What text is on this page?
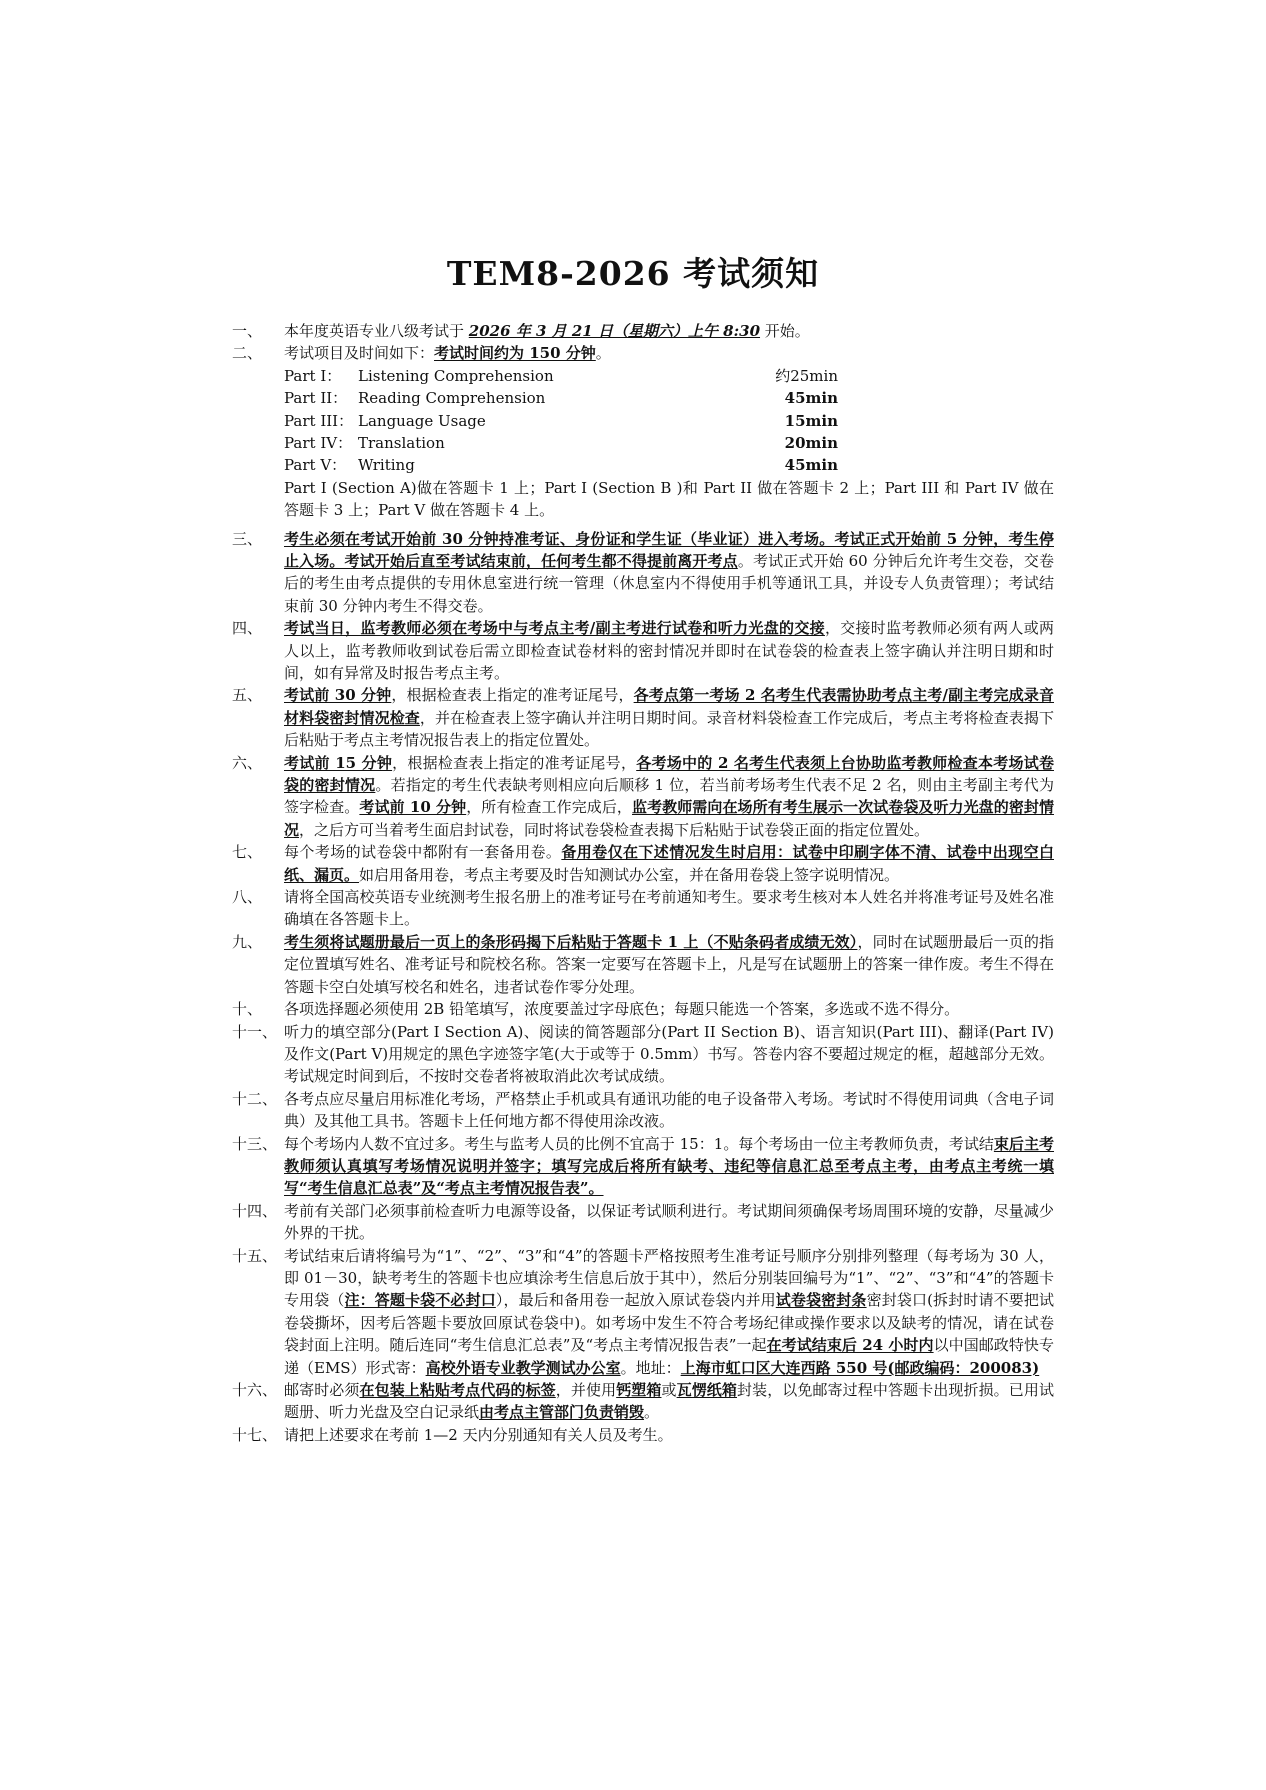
TEM8-2026 考试须知
一、	本年度英语专业八级考试于 2026 年 3 月 21 日（星期六）上午 8:30 开始。
二、	考试项目及时间如下：考试时间约为 150 分钟。
Part I：	Listening Comprehension	约25min
Part II： Reading Comprehension	45min
Part III： Language Usage	15min
Part IV： Translation	20min
Part V： Writing	45min
Part I (Section A)做在答题卡 1 上；Part I (Section B )和 Part II 做在答题卡 2 上；Part III 和 Part IV 做在答题卡 3 上；Part V 做在答题卡 4 上。
三、	考生必须在考试开始前 30 分钟持准考证、身份证和学生证（毕业证）进入考场。考试正式开始前 5 分钟，考生停止入场。考试开始后直至考试结束前，任何考生都不得提前离开考点。考试正式开始 60 分钟后允许考生交卷，交卷后的考生由考点提供的专用休息室进行统一管理（休息室内不得使用手机等通讯工具，并设专人负责管理）；考试结束前 30 分钟内考生不得交卷。
四、	考试当日，监考教师必须在考场中与考点主考/副主考进行试卷和听力光盘的交接，交接时监考教师必须有两人或两人以上，监考教师收到试卷后需立即检查试卷材料的密封情况并即时在试卷袋的检查表上签字确认并注明日期和时间，如有异常及时报告考点主考。
五、	考试前 30 分钟，根据检查表上指定的准考证尾号，各考点第一考场 2 名考生代表需协助考点主考/副主考完成录音材料袋密封情况检查，并在检查表上签字确认并注明日期时间。录音材料袋检查工作完成后，考点主考将检查表揭下后粘贴于考点主考情况报告表上的指定位置处。
六、	考试前 15 分钟，根据检查表上指定的准考证尾号，各考场中的 2 名考生代表须上台协助监考教师检查本考场试卷袋的密封情况。若指定的考生代表缺考则相应向后顺移 1 位，若当前考场考生代表不足 2 名，则由主考副主考代为签字检查。考试前 10 分钟，所有检查工作完成后，监考教师需向在场所有考生展示一次试卷袋及听力光盘的密封情况，之后方可当着考生面启封试卷，同时将试卷袋检查表揭下后粘贴于试卷袋正面的指定位置处。
七、	每个考场的试卷袋中都附有一套备用卷。备用卷仅在下述情况发生时启用：试卷中印刷字体不清、试卷中出现空白纸、漏页。如启用备用卷，考点主考要及时告知测试办公室，并在备用卷袋上签字说明情况。
八、	请将全国高校英语专业统测考生报名册上的准考证号在考前通知考生。要求考生核对本人姓名并将准考证号及姓名准确填在各答题卡上。
九、	考生须将试题册最后一页上的条形码揭下后粘贴于答题卡 1 上（不贴条码者成绩无效），同时在试题册最后一页的指定位置填写姓名、准考证号和院校名称。答案一定要写在答题卡上，凡是写在试题册上的答案一律作废。考生不得在答题卡空白处填写校名和姓名，违者试卷作零分处理。
十、	各项选择题必须使用 2B 铅笔填写，浓度要盖过字母底色；每题只能选一个答案，多选或不选不得分。
十一、 听力的填空部分(Part I Section A)、阅读的简答题部分(Part II Section B)、语言知识(Part III)、翻译(Part IV)及作文(Part V)用规定的黑色字迹签字笔(大于或等于 0.5mm）书写。答卷内容不要超过规定的框，超越部分无效。考试规定时间到后，不按时交卷者将被取消此次考试成绩。
十二、 各考点应尽量启用标准化考场，严格禁止手机或具有通讯功能的电子设备带入考场。考试时不得使用词典（含电子词典）及其他工具书。答题卡上任何地方都不得使用涂改液。
十三、 每个考场内人数不宜过多。考生与监考人员的比例不宜高于 15：1。每个考场由一位主考教师负责，考试结束后主考教师须认真填写考场情况说明并签字；填写完成后将所有缺考、违纪等信息汇总至考点主考，由考点主考统一填写“考生信息汇总表”及“考点主考情况报告表”。
十四、 考前有关部门必须事前检查听力电源等设备，以保证考试顺利进行。考试期间须确保考场周围环境的安静，尽量减少外界的干扰。
十五、 考试结束后请将编号为“1”、“2”、“3”和“4”的答题卡严格按照考生准考证号顺序分别排列整理（每考场为 30 人，即 01－30，缺考考生的答题卡也应填涂考生信息后放于其中），然后分别装回编号为“1”、“2”、“3”和“4”的答题卡专用袋（注：答题卡袋不必封口），最后和备用卷一起放入原试卷袋内并用试卷袋密封条密封袋口(拆封时请不要把试卷袋撕坏，因考后答题卡要放回原试卷袋中)。如考场中发生不符合考场纪律或操作要求以及缺考的情况，请在试卷袋封面上注明。随后连同“考生信息汇总表”及“考点主考情况报告表”一起在考试结束后 24 小时内以中国邮政特快专递（EMS）形式寄：高校外语专业教学测试办公室。地址：上海市虹口区大连西路 550 号(邮政编码：200083)
十六、 邮寄时必须在包装上粘贴考点代码的标签，并使用钙塑箱或瓦愣纸箱封装，以免邮寄过程中答题卡出现折损。已用试题册、听力光盘及空白记录纸由考点主管部门负责销毁。
十七、 请把上述要求在考前 1—2 天内分别通知有关人员及考生。
